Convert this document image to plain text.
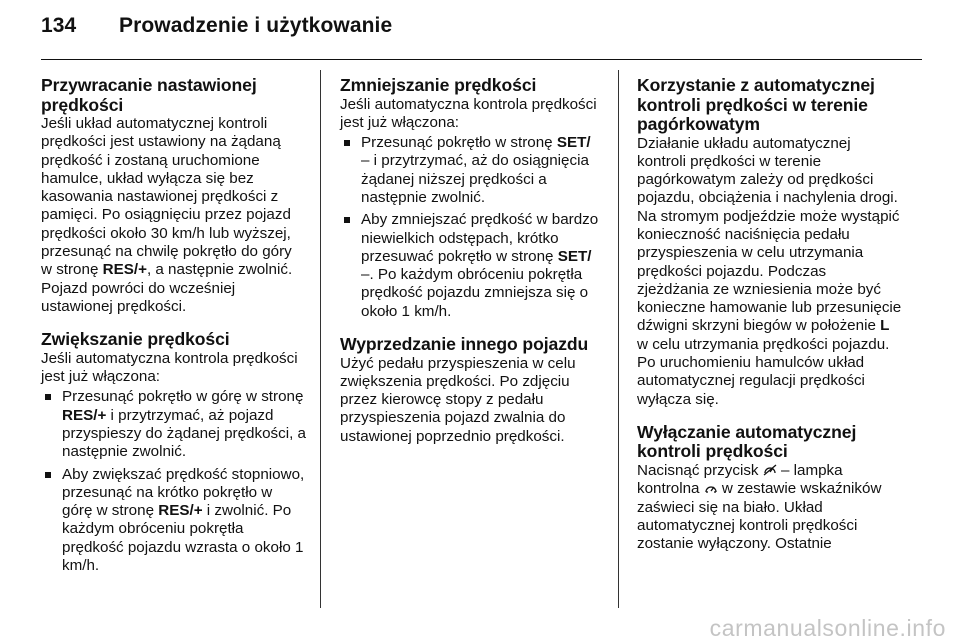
134 Prowadzenie i użytkowanie
Przywracanie nastawionej prędkości

Jeśli układ automatycznej kontroli prędkości jest ustawiony na żądaną prędkość i zostaną uruchomione hamulce, układ wyłącza się bez kasowania nastawionej prędkości z pamięci. Po osiągnięciu przez pojazd prędkości około 30 km/h lub wyższej, przesunąć na chwilę pokrętło do góry w stronę RES/+, a następnie zwolnić. Pojazd powróci do wcześniej ustawionej prędkości.

Zwiększanie prędkości

Jeśli automatyczna kontrola prędkości jest już włączona:

Przesunąć pokrętło w górę w stronę RES/+ i przytrzymać, aż pojazd przyspieszy do żądanej prędkości, a następnie zwolnić.
Aby zwiększać prędkość stopniowo, przesunąć na krótko pokrętło w górę w stronę RES/+ i zwolnić. Po każdym obróceniu pokrętła prędkość pojazdu wzrasta o około 1 km/h.
Zmniejszanie prędkości

Jeśli automatyczna kontrola prędkości jest już włączona:

Przesunąć pokrętło w stronę SET/
– i przytrzymać, aż do osiągnięcia żądanej niższej prędkości a następnie zwolnić.
Aby zmniejszać prędkość w bardzo niewielkich odstępach, krótko przesuwać pokrętło w stronę SET/
–. Po każdym obróceniu pokrętła prędkość pojazdu zmniejsza się o około 1 km/h.
Wyprzedzanie innego pojazdu

Użyć pedału przyspieszenia w celu zwiększenia prędkości. Po zdjęciu przez kierowcę stopy z pedału przyspieszenia pojazd zwalnia do ustawionej poprzednio prędkości.

Korzystanie z automatycznej kontroli prędkości w terenie pagórkowatym

Działanie układu automatycznej kontroli prędkości w terenie pagórkowatym zależy od prędkości pojazdu, obciążenia i nachylenia drogi. Na stromym podjeździe może wystąpić konieczność naciśnięcia pedału przyspieszenia w celu utrzymania prędkości pojazdu. Podczas zjeżdżania ze wzniesienia może być konieczne hamowanie lub przesunięcie dźwigni skrzyni biegów w położenie L w celu utrzymania prędkości pojazdu. Po uruchomieniu hamulców układ automatycznej regulacji prędkości wyłącza się.

Wyłączanie automatycznej kontroli prędkości

Nacisnąć przycisk
– lampka kontrolna
w zestawie wskaźników zaświeci się na biało. Układ automatycznej kontroli prędkości zostanie wyłączony. Ostatnie

carmanualsonline.info
